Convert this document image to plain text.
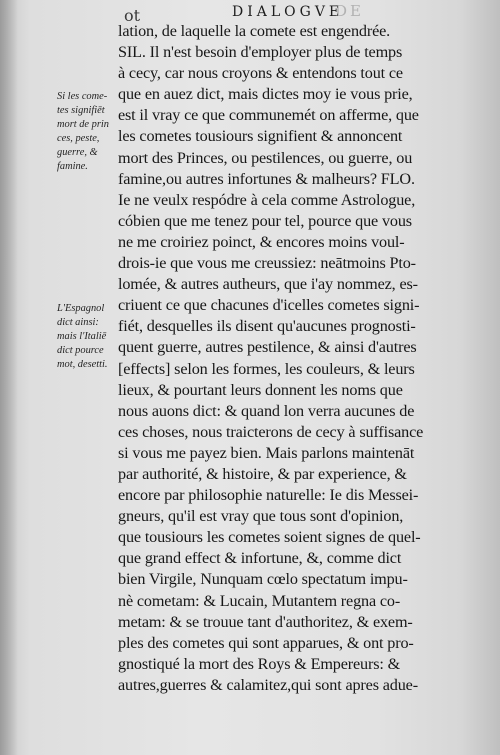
ot	DIALOGVE
DE
Si les come-
tes signifiēt
mort de prin
ces, peste,
guerre, &
famine.
L'Espagnol
dict ainsi:
mais l'Italiē
dict pource
mot, desetti.
lation, de laquelle la comete est engendrée.
SIL. Il n'est besoin d'employer plus de temps
à cecy, car nous croyons & entendons tout ce
que en auez dict, mais dictes moy ie vous prie,
est il vray ce que communemét on afferme, que
les cometes tousiours signifient & annoncent
mort des Princes, ou pestilences, ou guerre, ou
famine,ou autres infortunes & malheurs? FLO.
Ie ne veulx respódre à cela comme Astrologue,
cóbien que me tenez pour tel, pource que vous
ne me croiriez poinct, & encores moins voul-
drois-ie que vous me creussiez: neātmoins Pto-
lomée, & autres autheurs, que i'ay nommez, es-
criuent ce que chacunes d'icelles cometes signi-
fiét, desquelles ils disent qu'aucunes prognosti-
quent guerre, autres pestilence, & ainsi d'autres
[effects] selon les formes, les couleurs, & leurs
lieux, & pourtant leurs donnent les noms que
nous auons dict: & quand lon verra aucunes de
ces choses, nous traicterons de cecy à suffisance
si vous me payez bien. Mais parlons maintenāt
par authorité, & histoire, & par experience, &
encore par philosophie naturelle: Ie dis Messei-
gneurs, qu'il est vray que tous sont d'opinion,
que tousiours les cometes soient signes de quel-
que grand effect & infortune, &, comme dict
bien Virgile, Nunquam cœlo spectatum impu-
nè cometam: & Lucain, Mutantem regna co-
metam: & se trouue tant d'authoritez, & exem-
ples des cometes qui sont apparues, & ont pro-
gnostiqué la mort des Roys & Empereurs: &
autres,guerres & calamitez,qui sont apres adue-
